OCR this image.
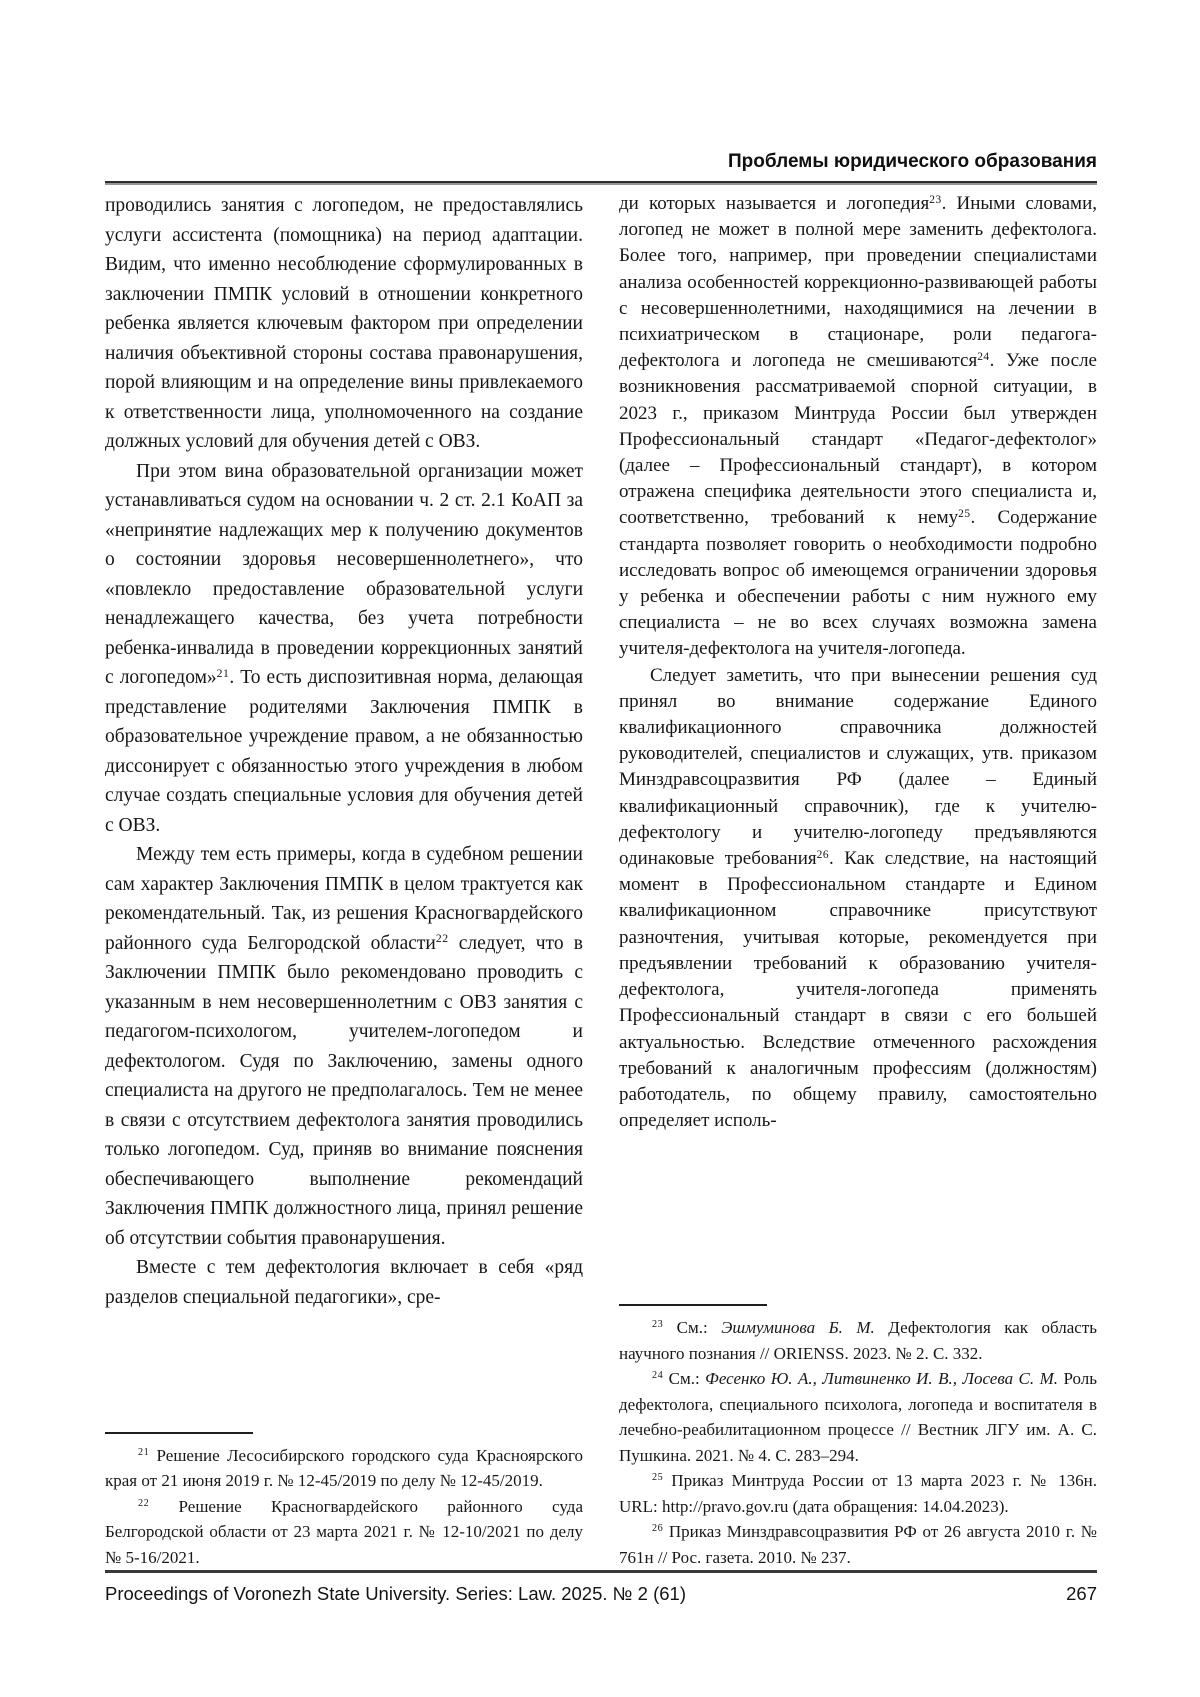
Проблемы юридического образования

проводились занятия с логопедом, не предоставлялись услуги ассистента (помощника) на период адаптации. Видим, что именно несоблюдение сформулированных в заключении ПМПК условий в отношении конкретного ребенка является ключевым фактором при определении наличия объективной стороны состава правонарушения, порой влияющим и на определение вины привлекаемого к ответственности лица, уполномоченного на создание должных условий для обучения детей с ОВЗ.

При этом вина образовательной организации может устанавливаться судом на основании ч. 2 ст. 2.1 КоАП за «непринятие надлежащих мер к получению документов о состоянии здоровья несовершеннолетнего», что «повлекло предоставление образовательной услуги ненадлежащего качества, без учета потребности ребенка-инвалида в проведении коррекционных занятий с логопедом»$^{21}$. То есть диспозитивная норма, делающая представление родителями Заключения ПМПК в образовательное учреждение правом, а не обязанностью диссонирует с обязанностью этого учреждения в любом случае создать специальные условия для обучения детей с ОВЗ.

Между тем есть примеры, когда в судебном решении сам характер Заключения ПМПК в целом трактуется как рекомендательный. Так, из решения Красногвардейского районного суда Белгородской области$^{22}$ следует, что в Заключении ПМПК было рекомендовано проводить с указанным в нем несовершеннолетним с ОВЗ занятия с педагогом-психологом, учителем-логопедом и дефектологом. Судя по Заключению, замены одного специалиста на другого не предполагалось. Тем не менее в связи с отсутствием дефектолога занятия проводились только логопедом. Суд, приняв во внимание пояснения обеспечивающего выполнение рекомендаций Заключения ПМПК должностного лица, принял решение об отсутствии события правонарушения.

Вместе с тем дефектология включает в себя «ряд разделов специальной педагогики», сре-

$^{21}$ Решение Лесосибирского городского суда Красноярского края от 21 июня 2019 г. № 12-45/2019 по делу № 12-45/2019.

$^{22}$ Решение Красногвардейского районного суда Белгородской области от 23 марта 2021 г. № 12-10/2021 по делу № 5-16/2021.

ди которых называется и логопедия$^{23}$. Иными словами, логопед не может в полной мере заменить дефектолога. Более того, например, при проведении специалистами анализа особенностей коррекционно-развивающей работы с несовершеннолетними, находящимися на лечении в психиатрическом в стационаре, роли педагога-дефектолога и логопеда не смешиваются$^{24}$. Уже после возникновения рассматриваемой спорной ситуации, в 2023 г., приказом Минтруда России был утвержден Профессиональный стандарт «Педагог-дефектолог» (далее – Профессиональный стандарт), в котором отражена специфика деятельности этого специалиста и, соответственно, требований к нему$^{25}$. Содержание стандарта позволяет говорить о необходимости подробно исследовать вопрос об имеющемся ограничении здоровья у ребенка и обеспечении работы с ним нужного ему специалиста – не во всех случаях возможна замена учителя-дефектолога на учителя-логопеда.

Следует заметить, что при вынесении решения суд принял во внимание содержание Единого квалификационного справочника должностей руководителей, специалистов и служащих, утв. приказом Минздравсоцразвития РФ (далее – Единый квалификационный справочник), где к учителю-дефектологу и учителю-логопеду предъявляются одинаковые требования$^{26}$. Как следствие, на настоящий момент в Профессиональном стандарте и Едином квалификационном справочнике присутствуют разночтения, учитывая которые, рекомендуется при предъявлении требований к образованию учителя-дефектолога, учителя-логопеда применять Профессиональный стандарт в связи с его большей актуальностью. Вследствие отмеченного расхождения требований к аналогичным профессиям (должностям) работодатель, по общему правилу, самостоятельно определяет исполь-

$^{23}$ См.: Эшмуминова Б. М. Дефектология как область научного познания // ORIENSS. 2023. № 2. С. 332.

$^{24}$ См.: Фесенко Ю. А., Литвиненко И. В., Лосева С. М. Роль дефектолога, специального психолога, логопеда и воспитателя в лечебно-реабилитационном процессе // Вестник ЛГУ им. А. С. Пушкина. 2021. № 4. С. 283–294.

$^{25}$ Приказ Минтруда России от 13 марта 2023 г. № 136н. URL: http://pravo.gov.ru (дата обращения: 14.04.2023).

$^{26}$ Приказ Минздравсоцразвития РФ от 26 августа 2010 г. № 761н // Рос. газета. 2010. № 237.

Proceedings of Voronezh State University. Series: Law. 2025. № 2 (61)	267
